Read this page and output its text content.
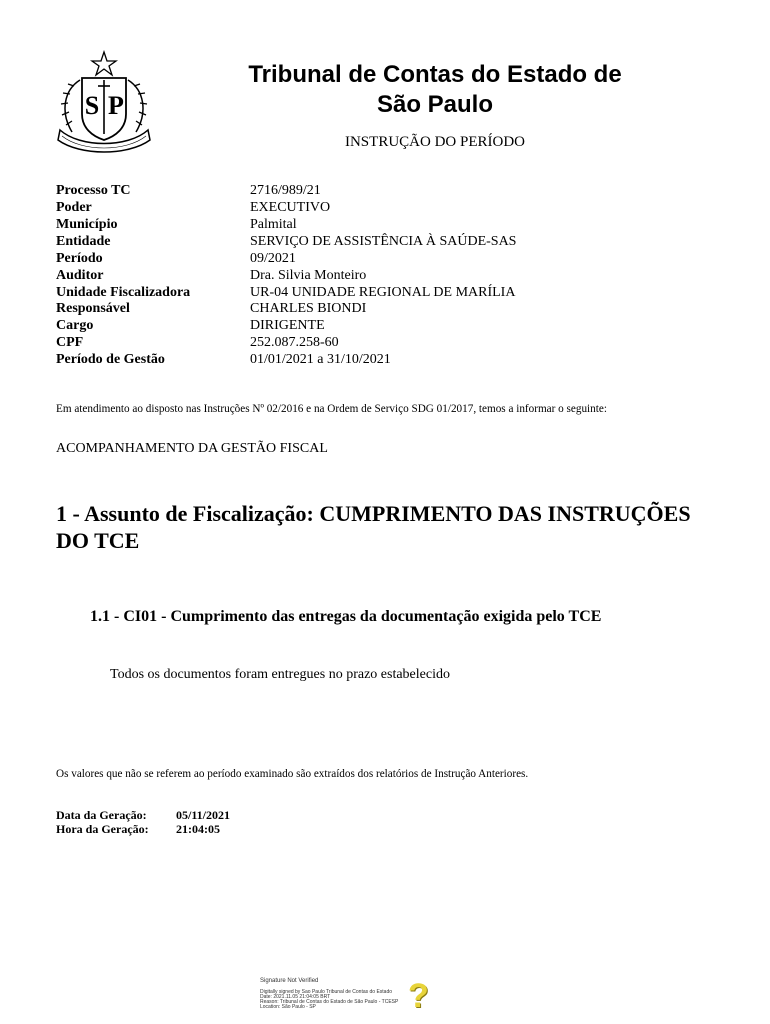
S P
Tribunal de Contas do Estado de
São Paulo
INSTRUÇÃO DO PERÍODO
Processo TC	2716/989/21
Poder	EXECUTIVO
Município	Palmital
Entidade	SERVIÇO DE ASSISTÊNCIA À SAÚDE-SAS
Período	09/2021
Auditor	Dra. Silvia Monteiro
Unidade Fiscalizadora	UR-04 UNIDADE REGIONAL DE MARÍLIA
Responsável	CHARLES BIONDI
Cargo	DIRIGENTE
CPF	252.087.258-60
Período de Gestão	01/01/2021 a 31/10/2021
Em atendimento ao disposto nas Instruções Nº 02/2016 e na Ordem de Serviço SDG 01/2017, temos a informar o seguinte:
ACOMPANHAMENTO DA GESTÃO FISCAL
1 - Assunto de Fiscalização: CUMPRIMENTO DAS INSTRUÇÕES DO TCE
1.1 - CI01 - Cumprimento das entregas da documentação exigida pelo TCE
Todos os documentos foram entregues no prazo estabelecido
Os valores que não se referem ao período examinado são extraídos dos relatórios de Instrução Anteriores.
Data da Geração: 05/11/2021
Hora da Geração: 21:04:05
Signature Not Verified
Digitally signed by Sao Paulo Tribunal de Contas do Estado
Date: 2021.11.05 21:04:05 BRT
Reason: Tribunal de Contas do Estado de São Paulo - TCESP
Location: São Paulo - SP	?
